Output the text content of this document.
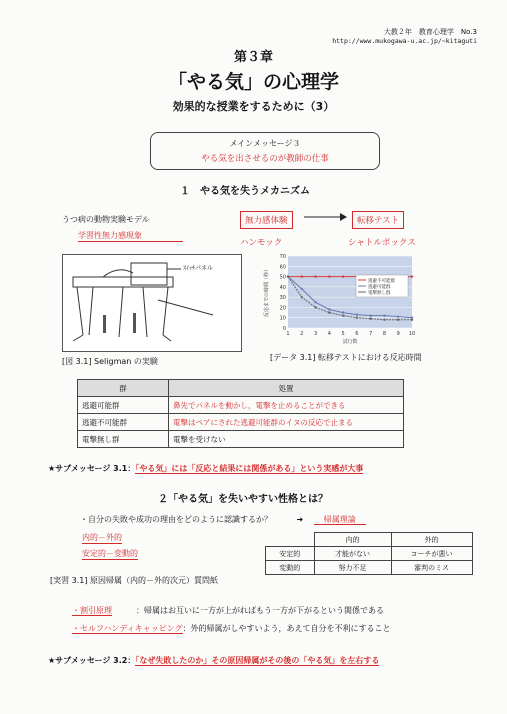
大教２年　教育心理学　No.3
http://www.mukogawa-u.ac.jp/~kitaguti
第３章
「やる気」の心理学
効果的な授業をするために（3）
メインメッセージ３
やる気を出させるのが教師の仕事
１　やる気を失うメカニズム
うつ病の動物実験モデル
学習性無力感現象
無力感体験	転移テスト
ハンモック	シャトルボックス
ｽｲｯﾁパネル
[図 3.1] Seligman の実験
0
10
20
30
40
50
60
70
1 2 3 4 5 6 7 8 9 10
試行数
反応までの時間（秒）	逃避不可能群
逃避可能群
電撃無し群
[データ 3.1] 転移テストにおける反応時間
群	処置
逃避可能群	鼻先でパネルを動かし，電撃を止めることができる
逃避不可能群	電撃はペアにされた逃避可能群のイヌの反応で止まる
電撃無し群	電撃を受けない
★サブメッセージ 3.1：「やる気」には「反応と結果には関係がある」という実感が大事
２「やる気」を失いやすい性格とは？
・自分の失敗や成功の理由をどのように認識するか？	➜	帰属理論
内的－外的
安定的－変動的
	内的	外的
安定的	才能がない	コーチが悪い
変動的	努力不足	審判のミス
[実習 3.1] 原因帰属（内的－外的次元）質問紙
・割引原理	：帰属はお互いに一方が上がればもう一方が下がるという関係である
・セルフハンディキャッピング：外的帰属がしやすいよう，あえて自分を不利にすること
★サブメッセージ 3.2：「なぜ失敗したのか」その原因帰属がその後の「やる気」を左右する
